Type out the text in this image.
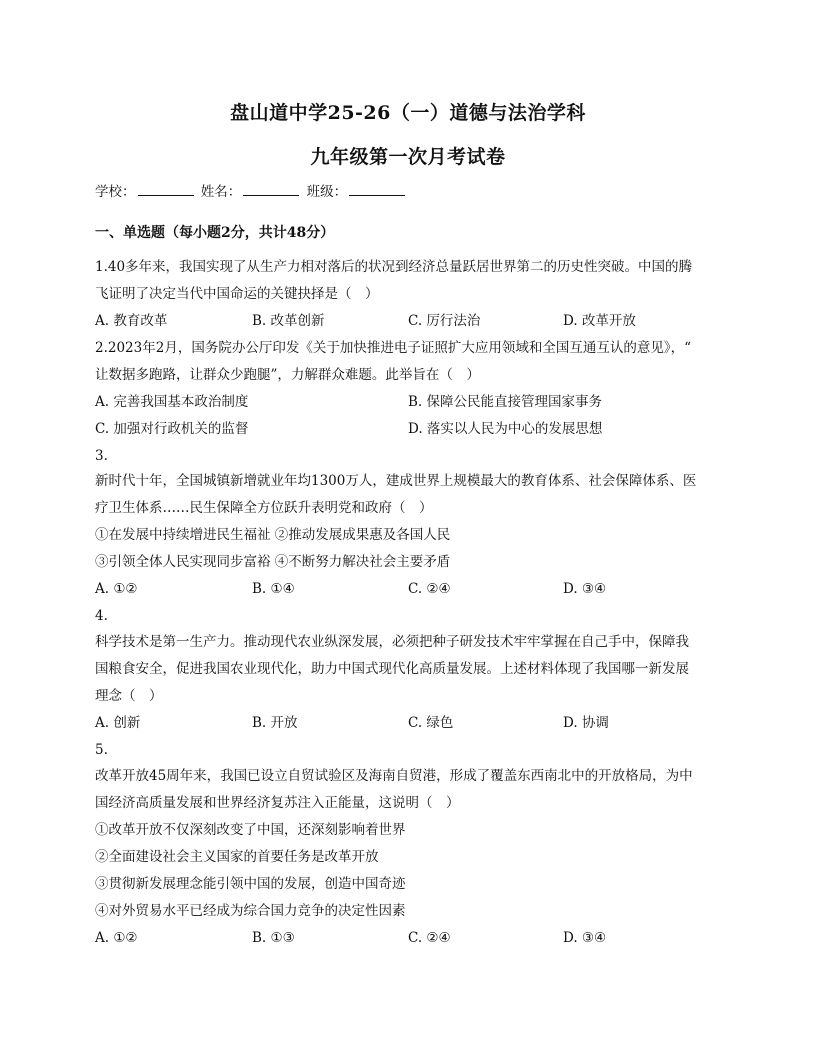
盘山道中学25-26（一）道德与法治学科
九年级第一次月考试卷
学校：	姓名：	班级：
一、单选题（每小题2分，共计48分）
1.40多年来，我国实现了从生产力相对落后的状况到经济总量跃居世界第二的历史性突破。中国的腾
飞证明了决定当代中国命运的关键抉择是（　）
A. 教育改革	B. 改革创新	C. 厉行法治	D. 改革开放
2.2023年2月，国务院办公厅印发《关于加快推进电子证照扩大应用领域和全国互通互认的意见》，“
让数据多跑路，让群众少跑腿”，力解群众难题。此举旨在（　）
A. 完善我国基本政治制度	B. 保障公民能直接管理国家事务
C. 加强对行政机关的监督	D. 落实以人民为中心的发展思想
3.
新时代十年，全国城镇新增就业年均1300万人，建成世界上规模最大的教育体系、社会保障体系、医
疗卫生体系……民生保障全方位跃升表明党和政府（　）
①在发展中持续增进民生福祉 ②推动发展成果惠及各国人民
③引领全体人民实现同步富裕 ④不断努力解决社会主要矛盾
A. ①②	B. ①④	C. ②④	D. ③④
4.
科学技术是第一生产力。推动现代农业纵深发展，必须把种子研发技术牢牢掌握在自己手中，保障我
国粮食安全，促进我国农业现代化，助力中国式现代化高质量发展。上述材料体现了我国哪一新发展
理念（　）
A. 创新	B. 开放	C. 绿色	D. 协调
5.
改革开放45周年来，我国已设立自贸试验区及海南自贸港，形成了覆盖东西南北中的开放格局，为中
国经济高质量发展和世界经济复苏注入正能量，这说明（　）
①改革开放不仅深刻改变了中国，还深刻影响着世界
②全面建设社会主义国家的首要任务是改革开放
③贯彻新发展理念能引领中国的发展，创造中国奇迹
④对外贸易水平已经成为综合国力竞争的决定性因素
A. ①②	B. ①③	C. ②④	D. ③④
